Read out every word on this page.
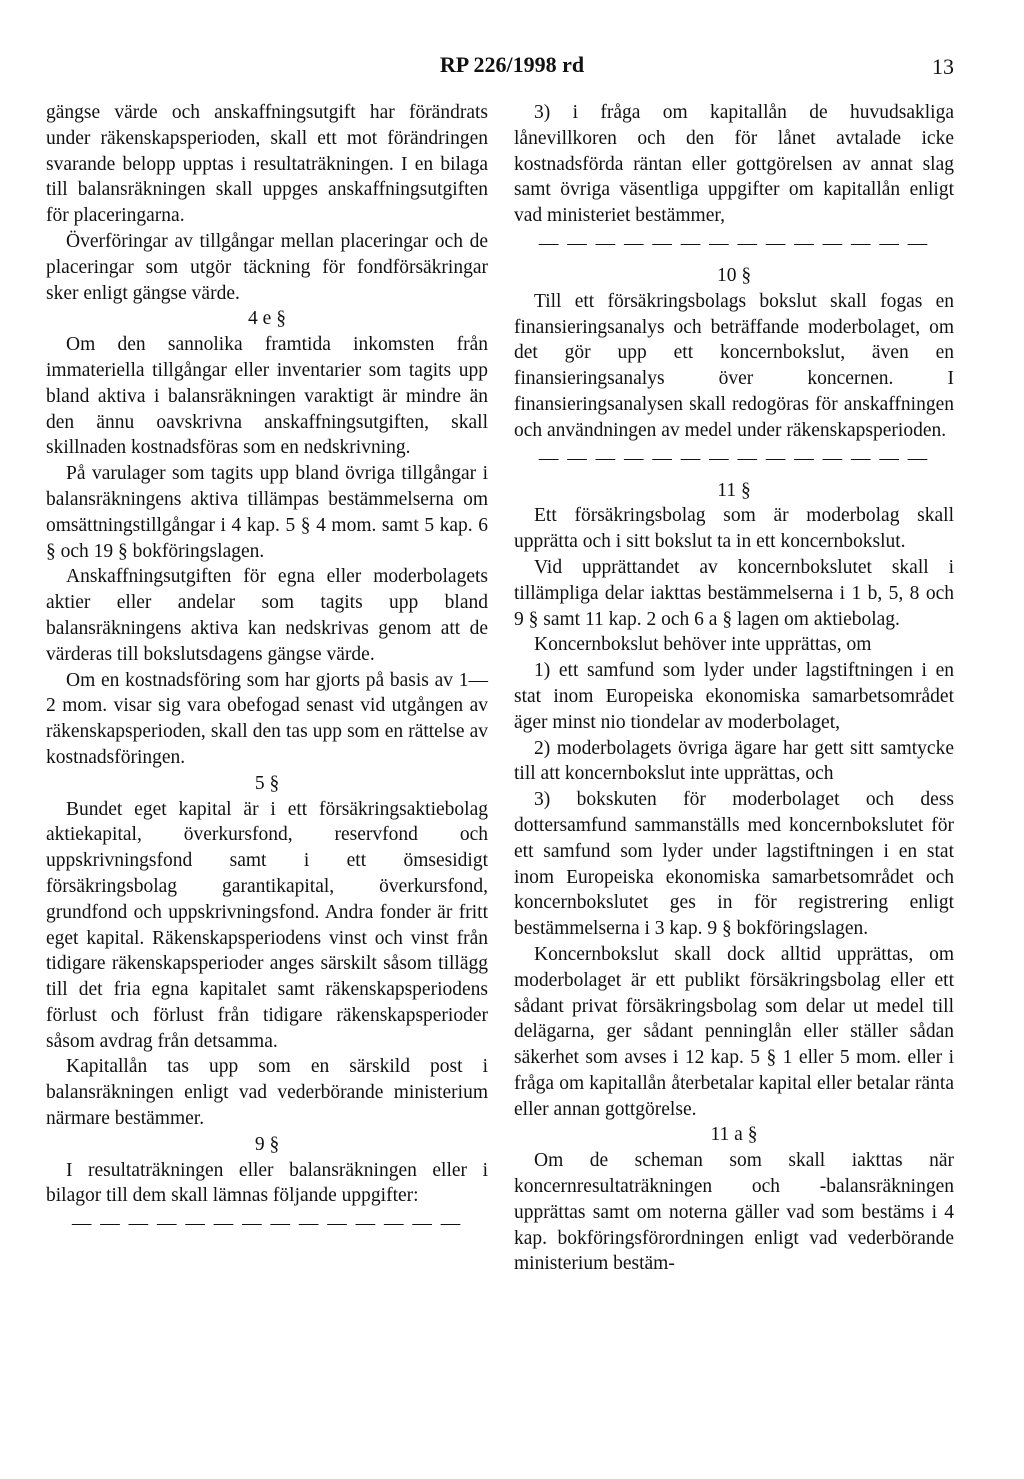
RP 226/1998 rd	13

gängse värde och anskaffningsutgift har förändrats under räkenskapsperioden, skall ett mot förändringen svarande belopp upptas i resultaträkningen. I en bilaga till balansräkningen skall uppges anskaffningsutgiften för placeringarna.

Överföringar av tillgångar mellan placeringar och de placeringar som utgör täckning för fondförsäkringar sker enligt gängse värde.

4 e §

Om den sannolika framtida inkomsten från immateriella tillgångar eller inventarier som tagits upp bland aktiva i balansräkningen varaktigt är mindre än den ännu oavskrivna anskaffningsutgiften, skall skillnaden kostnadsföras som en nedskrivning.

På varulager som tagits upp bland övriga tillgångar i balansräkningens aktiva tillämpas bestämmelserna om omsättningstillgångar i 4 kap. 5 § 4 mom. samt 5 kap. 6 § och 19 § bokföringslagen.

Anskaffningsutgiften för egna eller moderbolagets aktier eller andelar som tagits upp bland balansräkningens aktiva kan nedskrivas genom att de värderas till bokslutsdagens gängse värde.

Om en kostnadsföring som har gjorts på basis av 1—2 mom. visar sig vara obefogad senast vid utgången av räkenskapsperioden, skall den tas upp som en rättelse av kostnadsföringen.

5 §

Bundet eget kapital är i ett försäkringsaktiebolag aktiekapital, överkursfond, reservfond och uppskrivningsfond samt i ett ömsesidigt försäkringsbolag garantikapital, överkursfond, grundfond och uppskrivningsfond. Andra fonder är fritt eget kapital. Räkenskapsperiodens vinst och vinst från tidigare räkenskapsperioder anges särskilt såsom tillägg till det fria egna kapitalet samt räkenskapsperiodens förlust och förlust från tidigare räkenskapsperioder såsom avdrag från detsamma.

Kapitallån tas upp som en särskild post i balansräkningen enligt vad vederbörande ministerium närmare bestämmer.

9 §

I resultaträkningen eller balansräkningen eller i bilagor till dem skall lämnas följande uppgifter:

— — — — — — — — — — — — — —

3) i fråga om kapitallån de huvudsakliga lånevillkoren och den för lånet avtalade icke kostnadsförda räntan eller gottgörelsen av annat slag samt övriga väsentliga uppgifter om kapitallån enligt vad ministeriet bestämmer,

— — — — — — — — — — — — — —

10 §

Till ett försäkringsbolags bokslut skall fogas en finansieringsanalys och beträffande moderbolaget, om det gör upp ett koncernbokslut, även en finansieringsanalys över koncernen. I finansieringsanalysen skall redogöras för anskaffningen och användningen av medel under räkenskapsperioden.

— — — — — — — — — — — — — —

11 §

Ett försäkringsbolag som är moderbolag skall upprätta och i sitt bokslut ta in ett koncernbokslut.

Vid upprättandet av koncernbokslutet skall i tillämpliga delar iakttas bestämmelserna i 1 b, 5, 8 och 9 § samt 11 kap. 2 och 6 a § lagen om aktiebolag.

Koncernbokslut behöver inte upprättas, om

1) ett samfund som lyder under lagstiftningen i en stat inom Europeiska ekonomiska samarbetsområdet äger minst nio tiondelar av moderbolaget,

2) moderbolagets övriga ägare har gett sitt samtycke till att koncernbokslut inte upprättas, och

3) bokskuten för moderbolaget och dess dottersamfund sammanställs med koncernbokslutet för ett samfund som lyder under lagstiftningen i en stat inom Europeiska ekonomiska samarbetsområdet och koncernbokslutet ges in för registrering enligt bestämmelserna i 3 kap. 9 § bokföringslagen.

Koncernbokslut skall dock alltid upprättas, om moderbolaget är ett publikt försäkringsbolag eller ett sådant privat försäkringsbolag som delar ut medel till delägarna, ger sådant penninglån eller ställer sådan säkerhet som avses i 12 kap. 5 § 1 eller 5 mom. eller i fråga om kapitallån återbetalar kapital eller betalar ränta eller annan gottgörelse.

11 a §

Om de scheman som skall iakttas när koncernresultaträkningen och -balansräkningen upprättas samt om noterna gäller vad som bestäms i 4 kap. bokföringsförordningen enligt vad vederbörande ministerium bestäm-
